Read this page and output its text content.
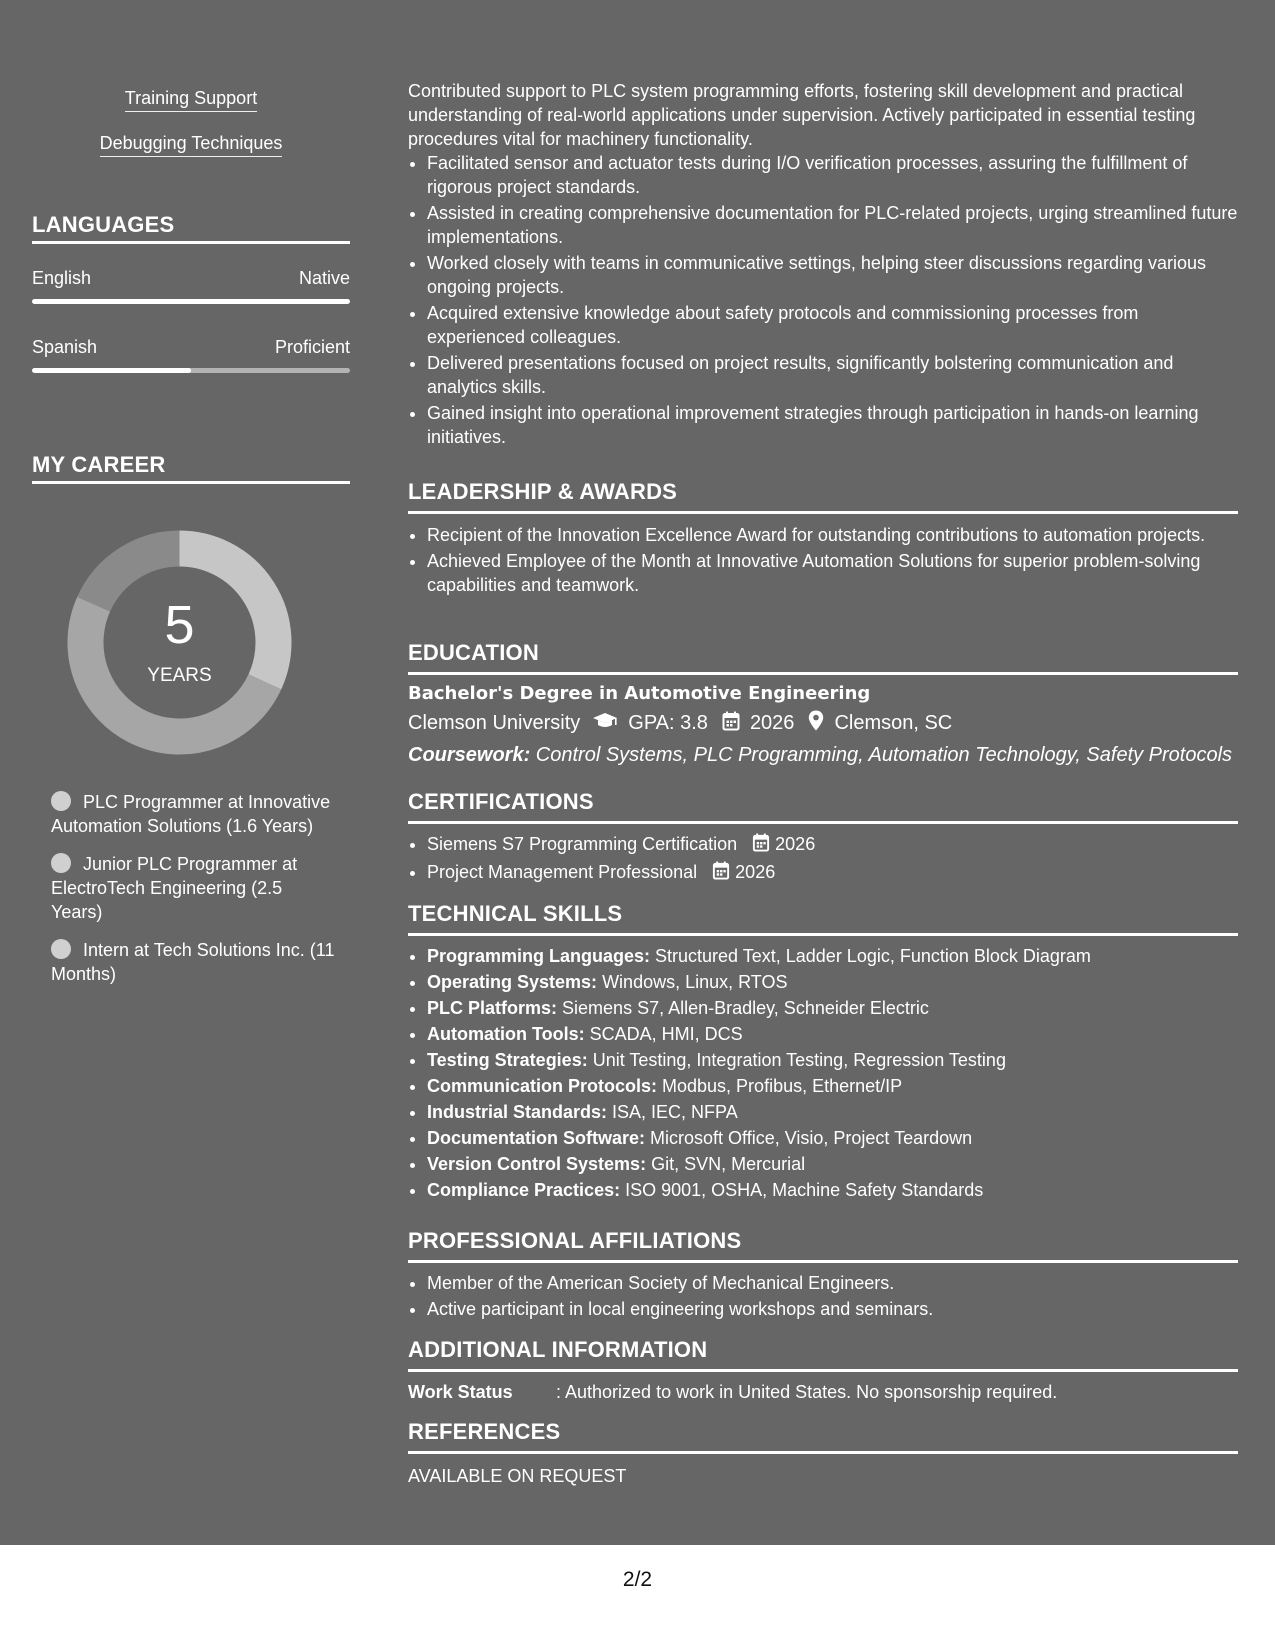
Training Support
Debugging Techniques
LANGUAGES
English	Native
Spanish	Proficient
MY CAREER
5
YEARS
PLC Programmer at Innovative Automation Solutions (1.6 Years)
Junior PLC Programmer at ElectroTech Engineering (2.5 Years)
Intern at Tech Solutions Inc. (11 Months)
Contributed support to PLC system programming efforts, fostering skill development and practical understanding of real-world applications under supervision. Actively participated in essential testing procedures vital for machinery functionality.
• Facilitated sensor and actuator tests during I/O verification processes, assuring the fulfillment of rigorous project standards.
• Assisted in creating comprehensive documentation for PLC-related projects, urging streamlined future implementations.
• Worked closely with teams in communicative settings, helping steer discussions regarding various ongoing projects.
• Acquired extensive knowledge about safety protocols and commissioning processes from experienced colleagues.
• Delivered presentations focused on project results, significantly bolstering communication and analytics skills.
• Gained insight into operational improvement strategies through participation in hands-on learning initiatives.
LEADERSHIP & AWARDS
• Recipient of the Innovation Excellence Award for outstanding contributions to automation projects.
• Achieved Employee of the Month at Innovative Automation Solutions for superior problem-solving capabilities and teamwork.
EDUCATION
Bachelor's Degree in Automotive Engineering
Clemson University GPA: 3.8 2026 Clemson, SC
Coursework: Control Systems, PLC Programming, Automation Technology, Safety Protocols
CERTIFICATIONS
• Siemens S7 Programming Certification 2026
• Project Management Professional 2026
TECHNICAL SKILLS
• Programming Languages: Structured Text, Ladder Logic, Function Block Diagram
• Operating Systems: Windows, Linux, RTOS
• PLC Platforms: Siemens S7, Allen-Bradley, Schneider Electric
• Automation Tools: SCADA, HMI, DCS
• Testing Strategies: Unit Testing, Integration Testing, Regression Testing
• Communication Protocols: Modbus, Profibus, Ethernet/IP
• Industrial Standards: ISA, IEC, NFPA
• Documentation Software: Microsoft Office, Visio, Project Teardown
• Version Control Systems: Git, SVN, Mercurial
• Compliance Practices: ISO 9001, OSHA, Machine Safety Standards
PROFESSIONAL AFFILIATIONS
• Member of the American Society of Mechanical Engineers.
• Active participant in local engineering workshops and seminars.
ADDITIONAL INFORMATION
Work Status	: Authorized to work in United States. No sponsorship required.
REFERENCES
AVAILABLE ON REQUEST
2/2
